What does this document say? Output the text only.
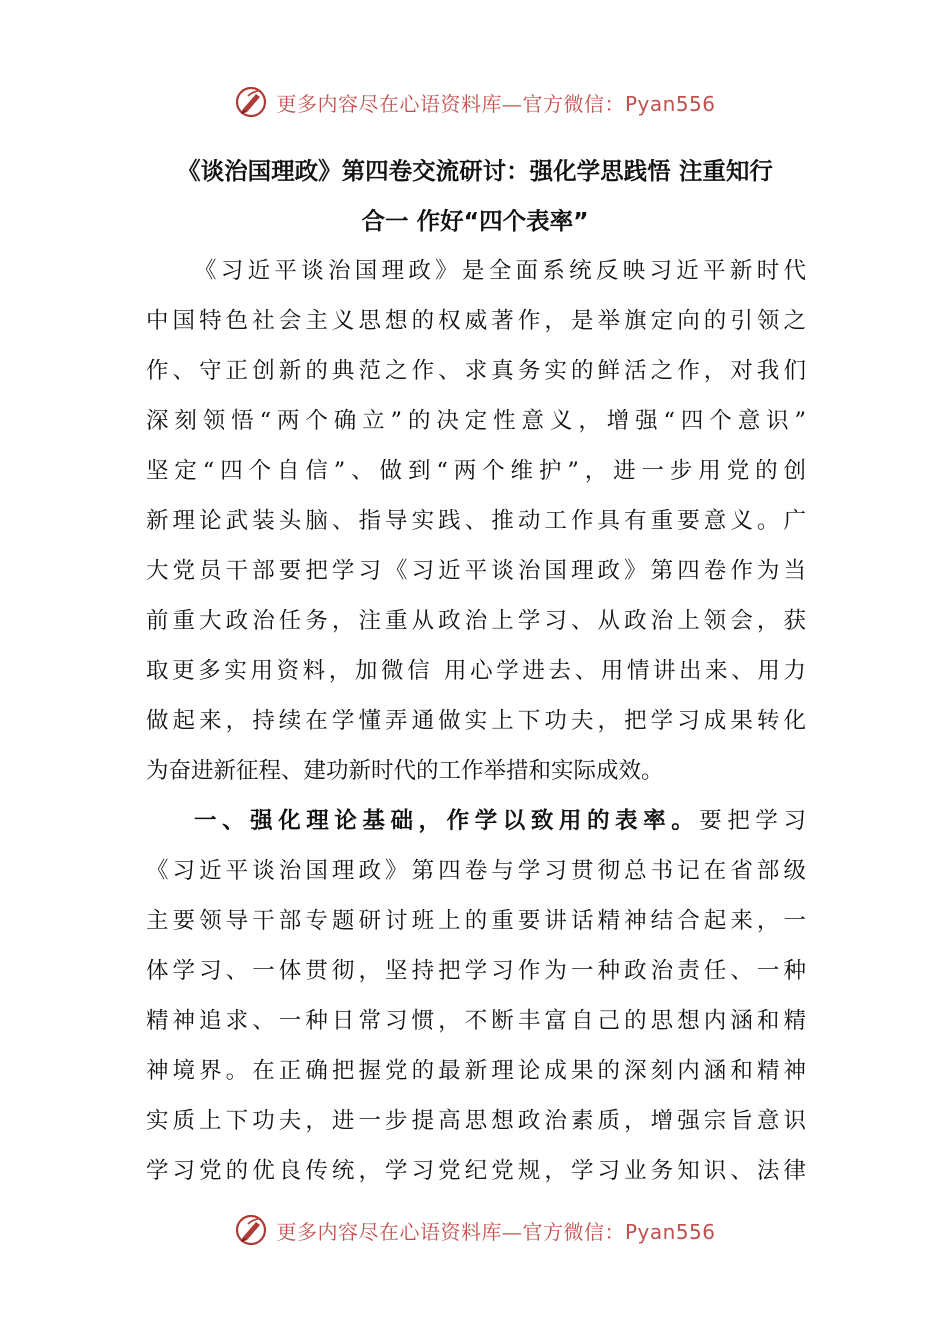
更多内容尽在心语资料库—官方微信：Pyan556
《谈治国理政》第四卷交流研讨：强化学思践悟 注重知行
合一 作好“四个表率”
《习近平谈治国理政》是全面系统反映习近平新时代
中国特色社会主义思想的权威著作，是举旗定向的引领之
作、守正创新的典范之作、求真务实的鲜活之作，对我们
深刻领悟“两个确立”的决定性意义，增强“四个意识”
坚定“四个自信”、做到“两个维护”，进一步用党的创
新理论武装头脑、指导实践、推动工作具有重要意义。广
大党员干部要把学习《习近平谈治国理政》第四卷作为当
前重大政治任务，注重从政治上学习、从政治上领会，获
取更多实用资料，加微信 用心学进去、用情讲出来、用力
做起来，持续在学懂弄通做实上下功夫，把学习成果转化
为奋进新征程、建功新时代的工作举措和实际成效。
一、强化理论基础，作学以致用的表率。要把学习
《习近平谈治国理政》第四卷与学习贯彻总书记在省部级
主要领导干部专题研讨班上的重要讲话精神结合起来，一
体学习、一体贯彻，坚持把学习作为一种政治责任、一种
精神追求、一种日常习惯，不断丰富自己的思想内涵和精
神境界。在正确把握党的最新理论成果的深刻内涵和精神
实质上下功夫，进一步提高思想政治素质，增强宗旨意识
学习党的优良传统，学习党纪党规，学习业务知识、法律
更多内容尽在心语资料库—官方微信：Pyan556
